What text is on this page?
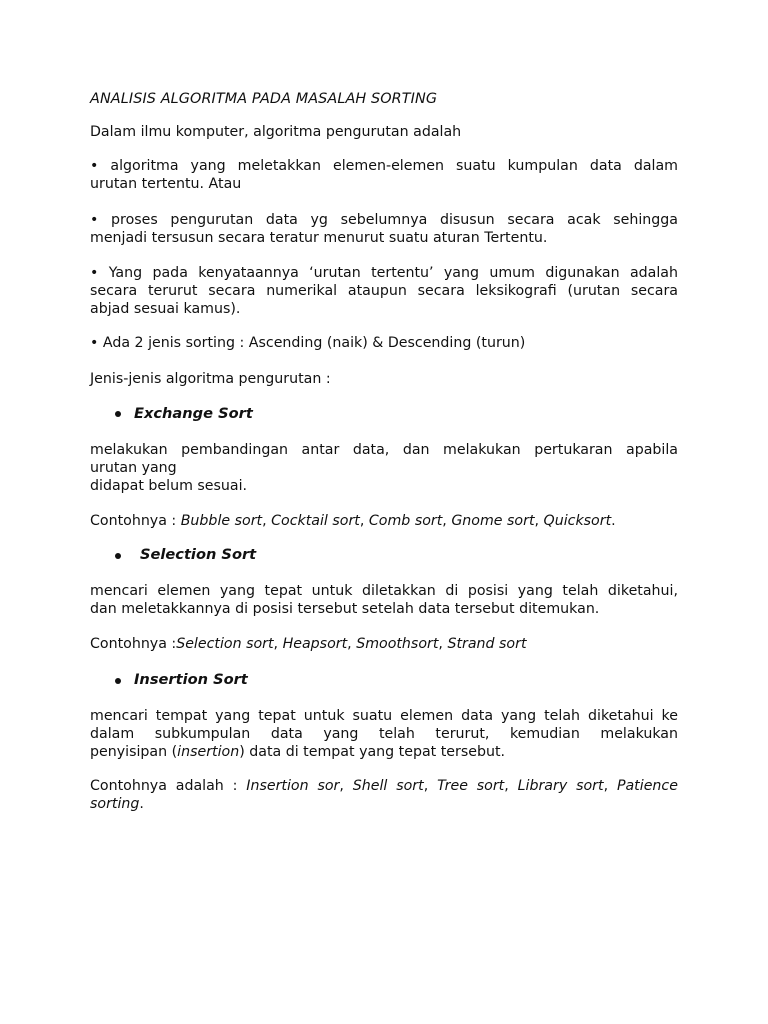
ANALISIS ALGORITMA PADA MASALAH SORTING

Dalam ilmu komputer, algoritma pengurutan adalah

• algoritma yang meletakkan elemen-elemen suatu kumpulan data dalam
urutan tertentu. Atau
• proses pengurutan data yg sebelumnya disusun secara acak sehingga
menjadi tersusun secara teratur menurut suatu aturan Tertentu.
• Yang pada kenyataannya ‘urutan tertentu’ yang umum digunakan adalah
secara terurut secara numerikal ataupun secara leksikografi (urutan secara
abjad sesuai kamus).
• Ada 2 jenis sorting : Ascending (naik) & Descending (turun)

Jenis-jenis algoritma pengurutan :

Exchange Sort

melakukan pembandingan antar data, dan melakukan pertukaran apabila
urutan yang
didapat belum sesuai.

Contohnya : Bubble sort, Cocktail sort, Comb sort, Gnome sort, Quicksort.

Selection Sort

mencari elemen yang tepat untuk diletakkan di posisi yang telah diketahui,
dan meletakkannya di posisi tersebut setelah data tersebut ditemukan.

Contohnya :Selection sort, Heapsort, Smoothsort, Strand sort

Insertion Sort

mencari tempat yang tepat untuk suatu elemen data yang telah diketahui ke
dalam subkumpulan data yang telah terurut, kemudian melakukan
penyisipan (insertion) data di tempat yang tepat tersebut.
Contohnya adalah : Insertion sor, Shell sort, Tree sort, Library sort, Patience
sorting.
